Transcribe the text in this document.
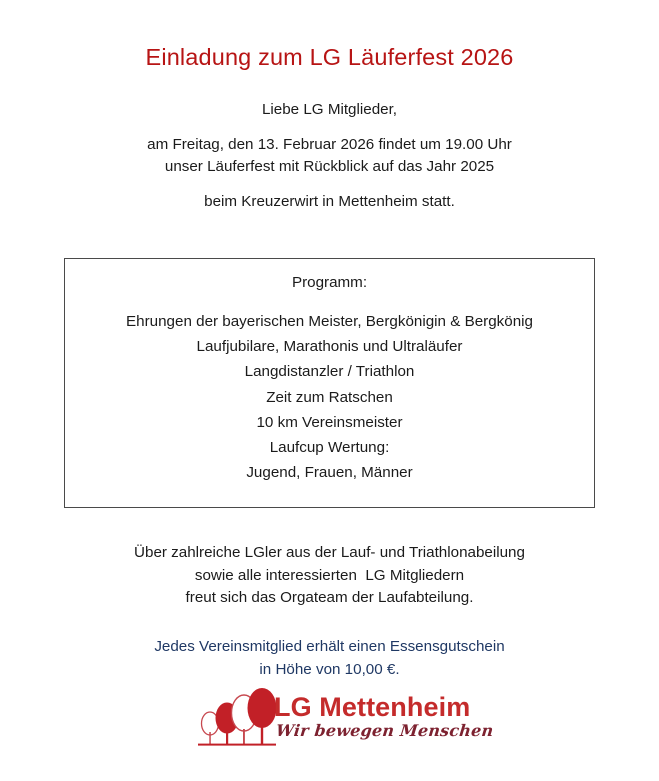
Einladung zum LG Läuferfest 2026
Liebe LG Mitglieder,
am Freitag, den 13. Februar 2026 findet um 19.00 Uhr
unser Läuferfest mit Rückblick auf das Jahr 2025
beim Kreuzerwirt in Mettenheim statt.
Programm:
Ehrungen der bayerischen Meister, Bergkönigin & Bergkönig
Laufjubilare, Marathonis und Ultraläufer
Langdistanzler / Triathlon
Zeit zum Ratschen
10 km Vereinsmeister
Laufcup Wertung:
Jugend, Frauen, Männer
Über zahlreiche LGler aus der Lauf- und Triathlonabeilung
sowie alle interessierten  LG Mitgliedern
freut sich das Orgateam der Laufabteilung.
Jedes Vereinsmitglied erhält einen Essensgutschein
in Höhe von 10,00 €.
LG Mettenheim
Wir bewegen Menschen
